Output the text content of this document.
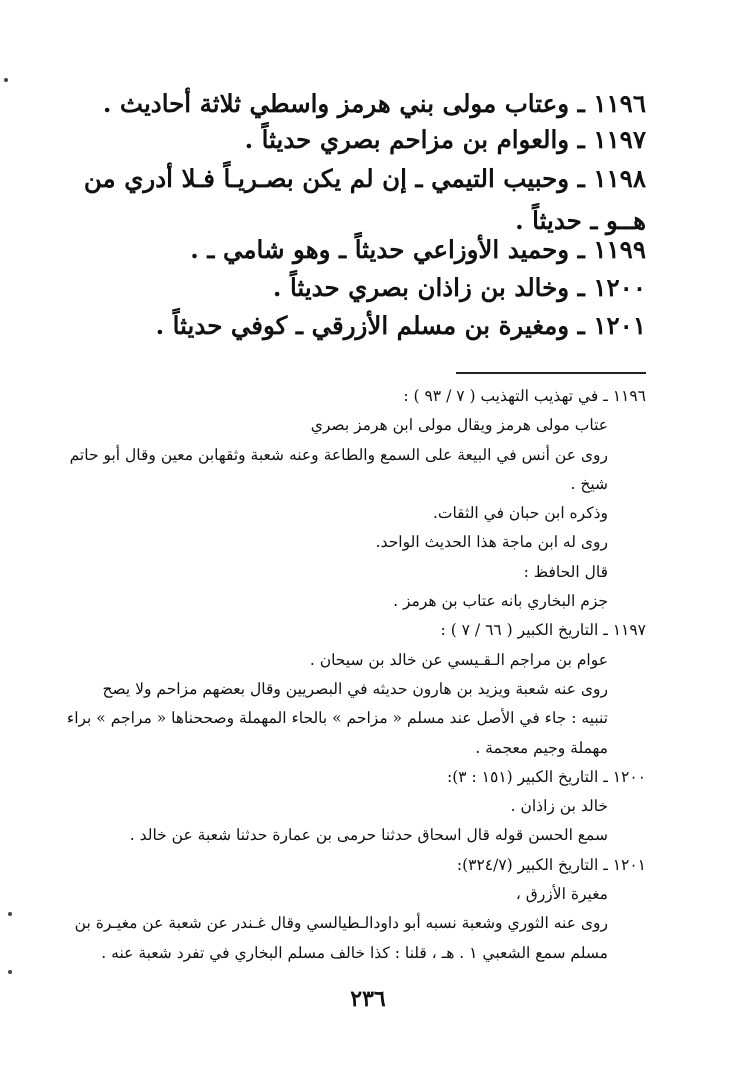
١١٩٦ ـ وعتاب مولى بني هرمز واسطي ثلاثة أحاديث .
١١٩٧ ـ والعوام بن مزاحم بصري حديثاً .
١١٩٨ ـ وحبيب التيمي ـ إن لم يكن بصـريـاً فـلا أدري من هــو ـ حديثاً .
١١٩٩ ـ وحميد الأوزاعي حديثاً ـ وهو شامي ـ .
١٢٠٠ ـ وخالد بن زاذان بصري حديثاً .
١٢٠١ ـ ومغيرة بن مسلم الأزرقي ـ كوفي حديثاً .
١١٩٦ ـ في تهذيب التهذيب ( ٧ / ٩٣ ) :
عتاب مولى هرمز ويقال مولى ابن هرمز بصري
روى عن أنس في البيعة على السمع والطاعة وعنه شعبة وثقهابن معين وقال أبو حاتم
شيخ .
وذكره ابن حبان في الثقات.
روى له ابن ماجة هذا الحديث الواحد.
قال الحافظ :
جزم البخاري بانه عتاب بن هرمز .
١١٩٧ ـ التاريخ الكبير ( ٦٦ / ٧ ) :
عوام بن مراجم الـقـيسي عن خالد بن سيحان .
روى عنه شعبة ويزيد بن هارون حديثه في البصريين وقال بعضهم مزاحم ولا يصح
تنبيه : جاء في الأصل عند مسلم « مزاحم » بالحاء المهملة وصححناها « مراجم » براء
مهملة وجيم معجمة .
١٢٠٠ ـ التاريخ الكبير (١٥١ : ٣):
خالد بن زاذان .
سمع الحسن قوله قال اسحاق حدثنا حرمى بن عمارة حدثنا شعبة عن خالد .
١٢٠١ ـ التاريخ الكبير (٣٢٤/٧):
مغيرة الأزرق ،
روى عنه الثوري وشعبة نسبه أبو داودالـطيالسي وقال غـندر عن شعبة عن مغيـرة بن
مسلم سمع الشعبي ١ . هـ ، قلنا : كذا خالف مسلم البخاري في تفرد شعبة عنه .
٢٣٦
